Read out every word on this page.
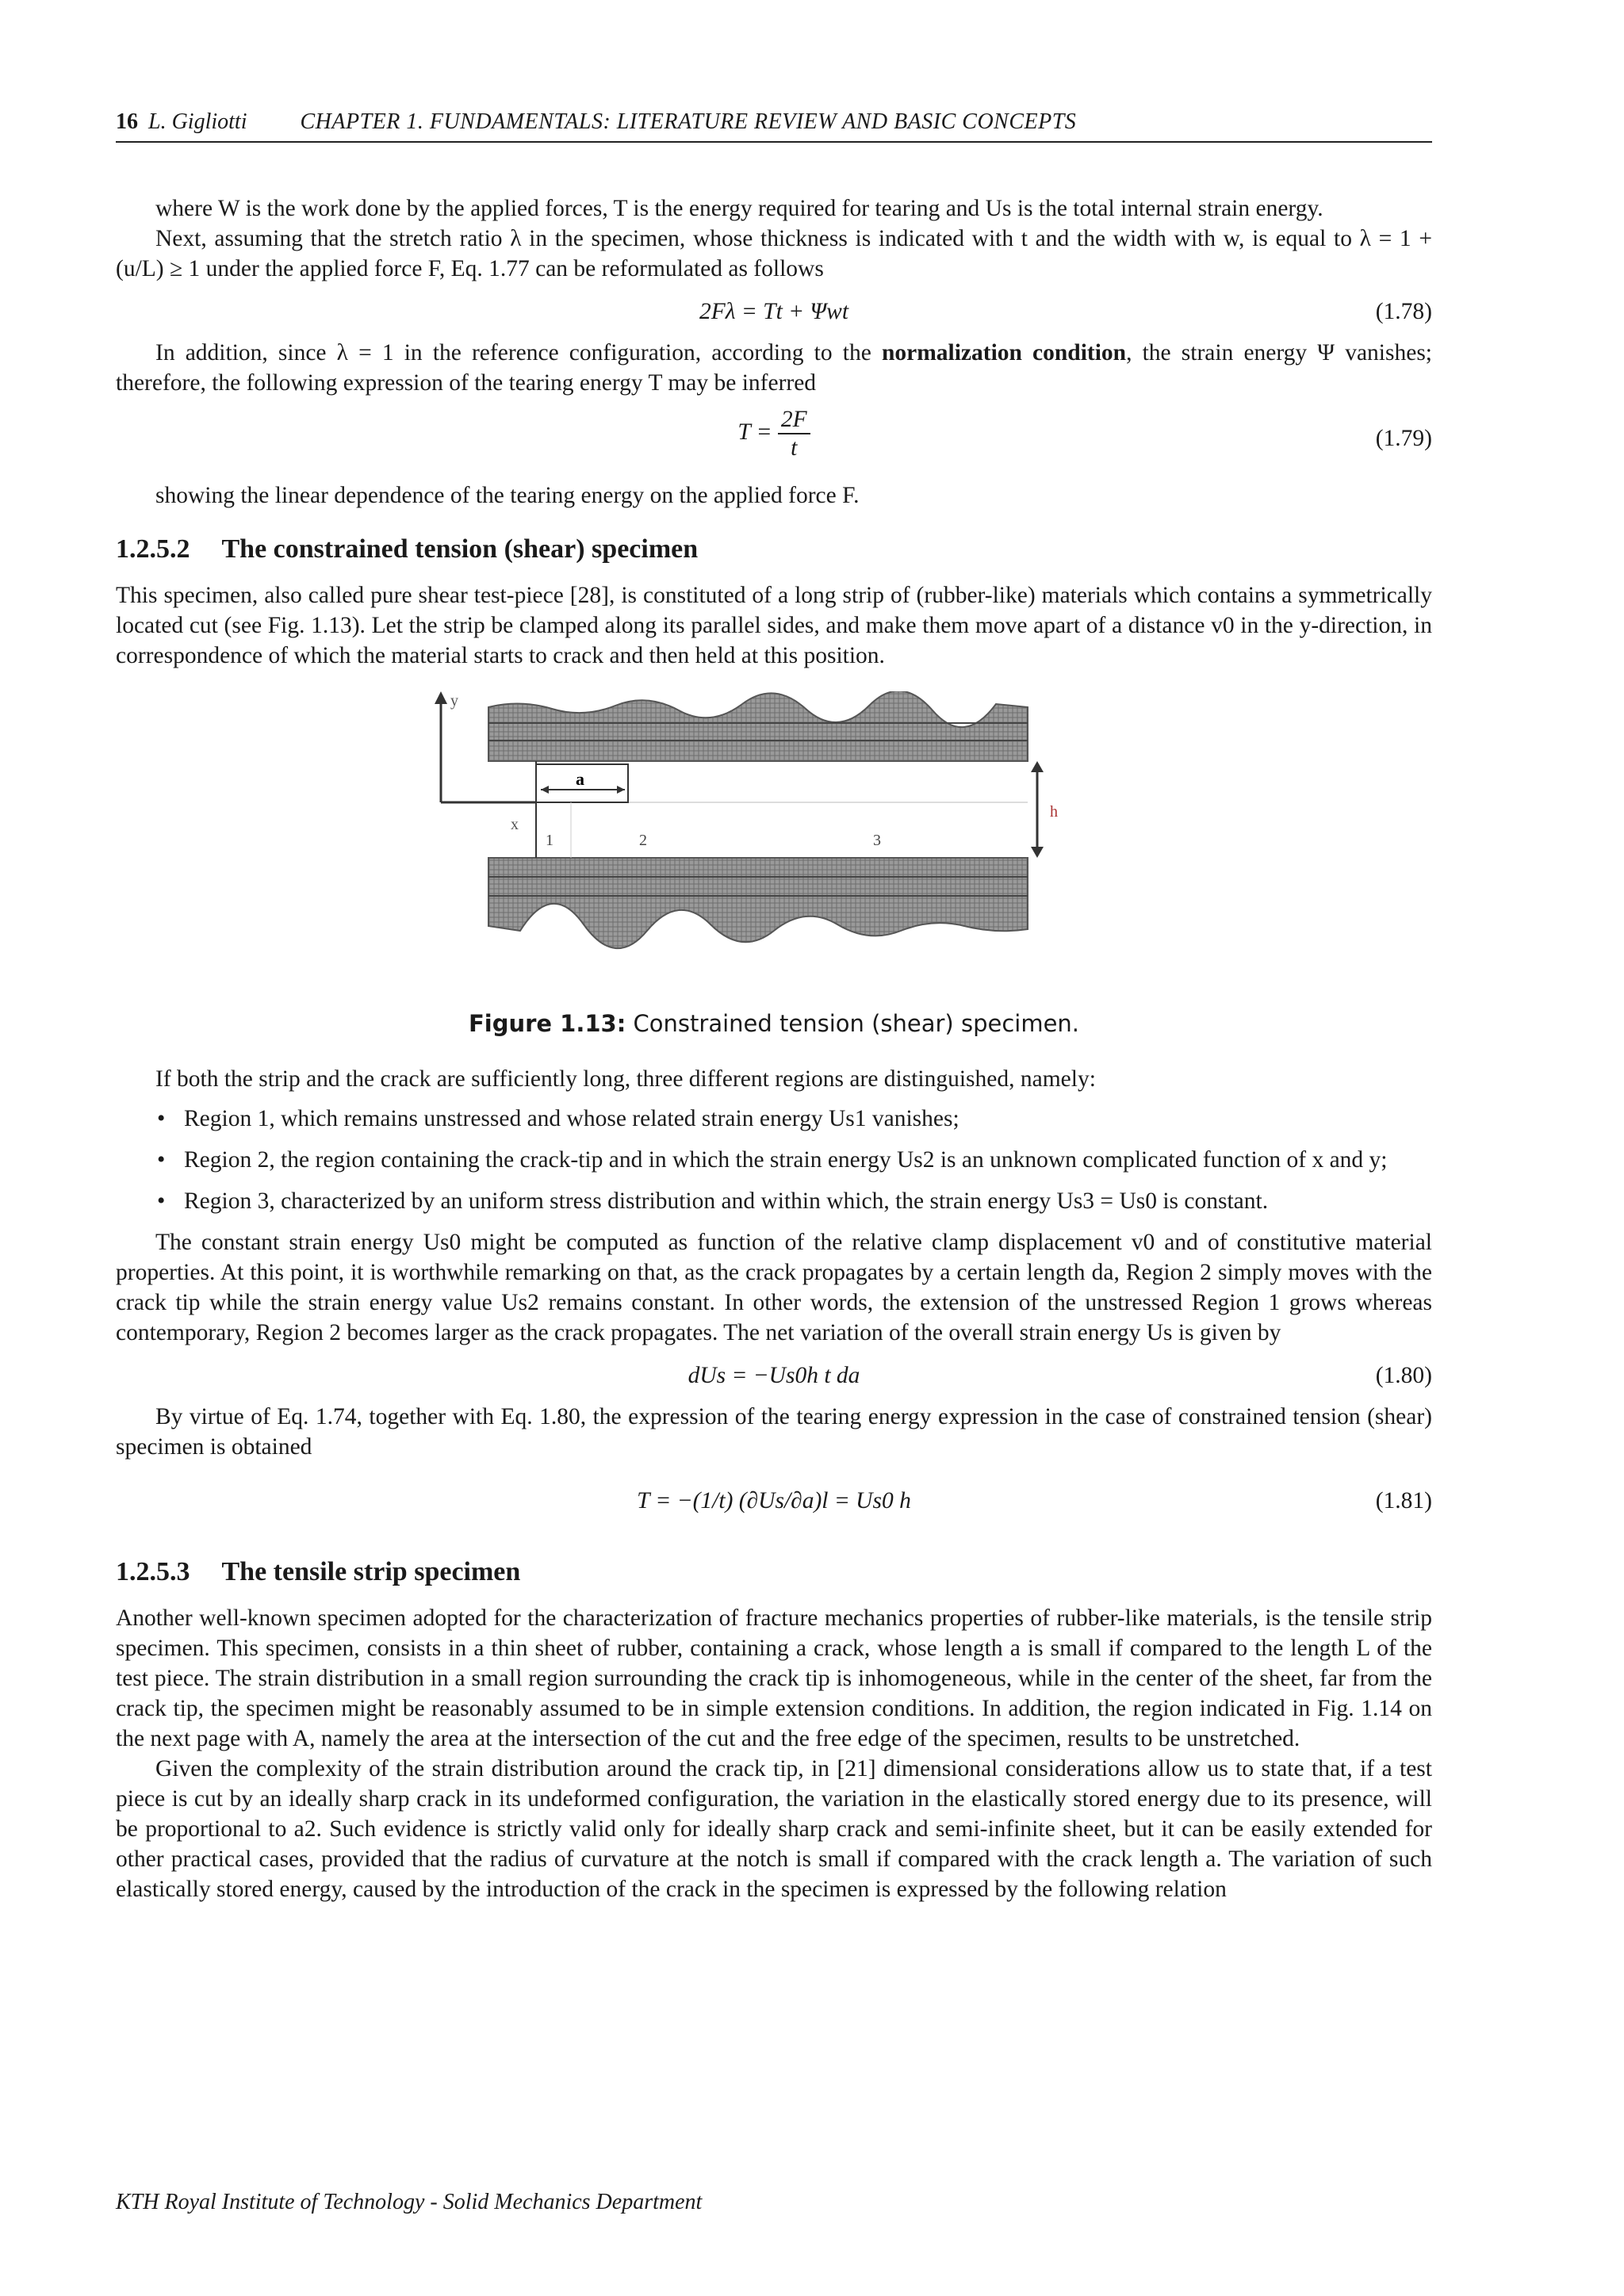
16 L. Gigliotti CHAPTER 1. FUNDAMENTALS: LITERATURE REVIEW AND BASIC CONCEPTS

where W is the work done by the applied forces, T is the energy required for tearing and Us is the total internal strain energy.

Next, assuming that the stretch ratio λ in the specimen, whose thickness is indicated with t and the width with w, is equal to λ = 1 + (u/L) ≥ 1 under the applied force F, Eq. 1.77 can be reformulated as follows

2Fλ = Tt + Ψwt	(1.78)

In addition, since λ = 1 in the reference configuration, according to the normalization condition, the strain energy Ψ vanishes; therefore, the following expression of the tearing energy T may be inferred

$T = \frac{2F}{t}$	(1.79)

showing the linear dependence of the tearing energy on the applied force F.

1.2.5.2 The constrained tension (shear) specimen

This specimen, also called pure shear test-piece [28], is constituted of a long strip of (rubber-like) materials which contains a symmetrically located cut (see Fig. 1.13). Let the strip be clamped along its parallel sides, and make them move apart of a distance v0 in the y-direction, in correspondence of which the material starts to crack and then held at this position.

a
y
x
1	2	3
h
Figure 1.13: Constrained tension (shear) specimen.

If both the strip and the crack are sufficiently long, three different regions are distinguished, namely:

• Region 1, which remains unstressed and whose related strain energy Us1 vanishes;
• Region 2, the region containing the crack-tip and in which the strain energy Us2 is an unknown complicated function of x and y;
• Region 3, characterized by an uniform stress distribution and within which, the strain energy Us3 = Us0 is constant.

The constant strain energy Us0 might be computed as function of the relative clamp displacement v0 and of constitutive material properties. At this point, it is worthwhile remarking on that, as the crack propagates by a certain length da, Region 2 simply moves with the crack tip while the strain energy value Us2 remains constant. In other words, the extension of the unstressed Region 1 grows whereas contemporary, Region 2 becomes larger as the crack propagates. The net variation of the overall strain energy Us is given by

dUs = −Us0h t da	(1.80)

By virtue of Eq. 1.74, together with Eq. 1.80, the expression of the tearing energy expression in the case of constrained tension (shear) specimen is obtained

T = −(1/t) (∂Us/∂a)l = Us0 h	(1.81)
1.2.5.3 The tensile strip specimen

Another well-known specimen adopted for the characterization of fracture mechanics properties of rubber-like materials, is the tensile strip specimen. This specimen, consists in a thin sheet of rubber, containing a crack, whose length a is small if compared to the length L of the test piece. The strain distribution in a small region surrounding the crack tip is inhomogeneous, while in the center of the sheet, far from the crack tip, the specimen might be reasonably assumed to be in simple extension conditions. In addition, the region indicated in Fig. 1.14 on the next page with A, namely the area at the intersection of the cut and the free edge of the specimen, results to be unstretched.

Given the complexity of the strain distribution around the crack tip, in [21] dimensional considerations allow us to state that, if a test piece is cut by an ideally sharp crack in its undeformed configuration, the variation in the elastically stored energy due to its presence, will be proportional to a2. Such evidence is strictly valid only for ideally sharp crack and semi-infinite sheet, but it can be easily extended for other practical cases, provided that the radius of curvature at the notch is small if compared with the crack length a. The variation of such elastically stored energy, caused by the introduction of the crack in the specimen is expressed by the following relation

KTH Royal Institute of Technology - Solid Mechanics Department
